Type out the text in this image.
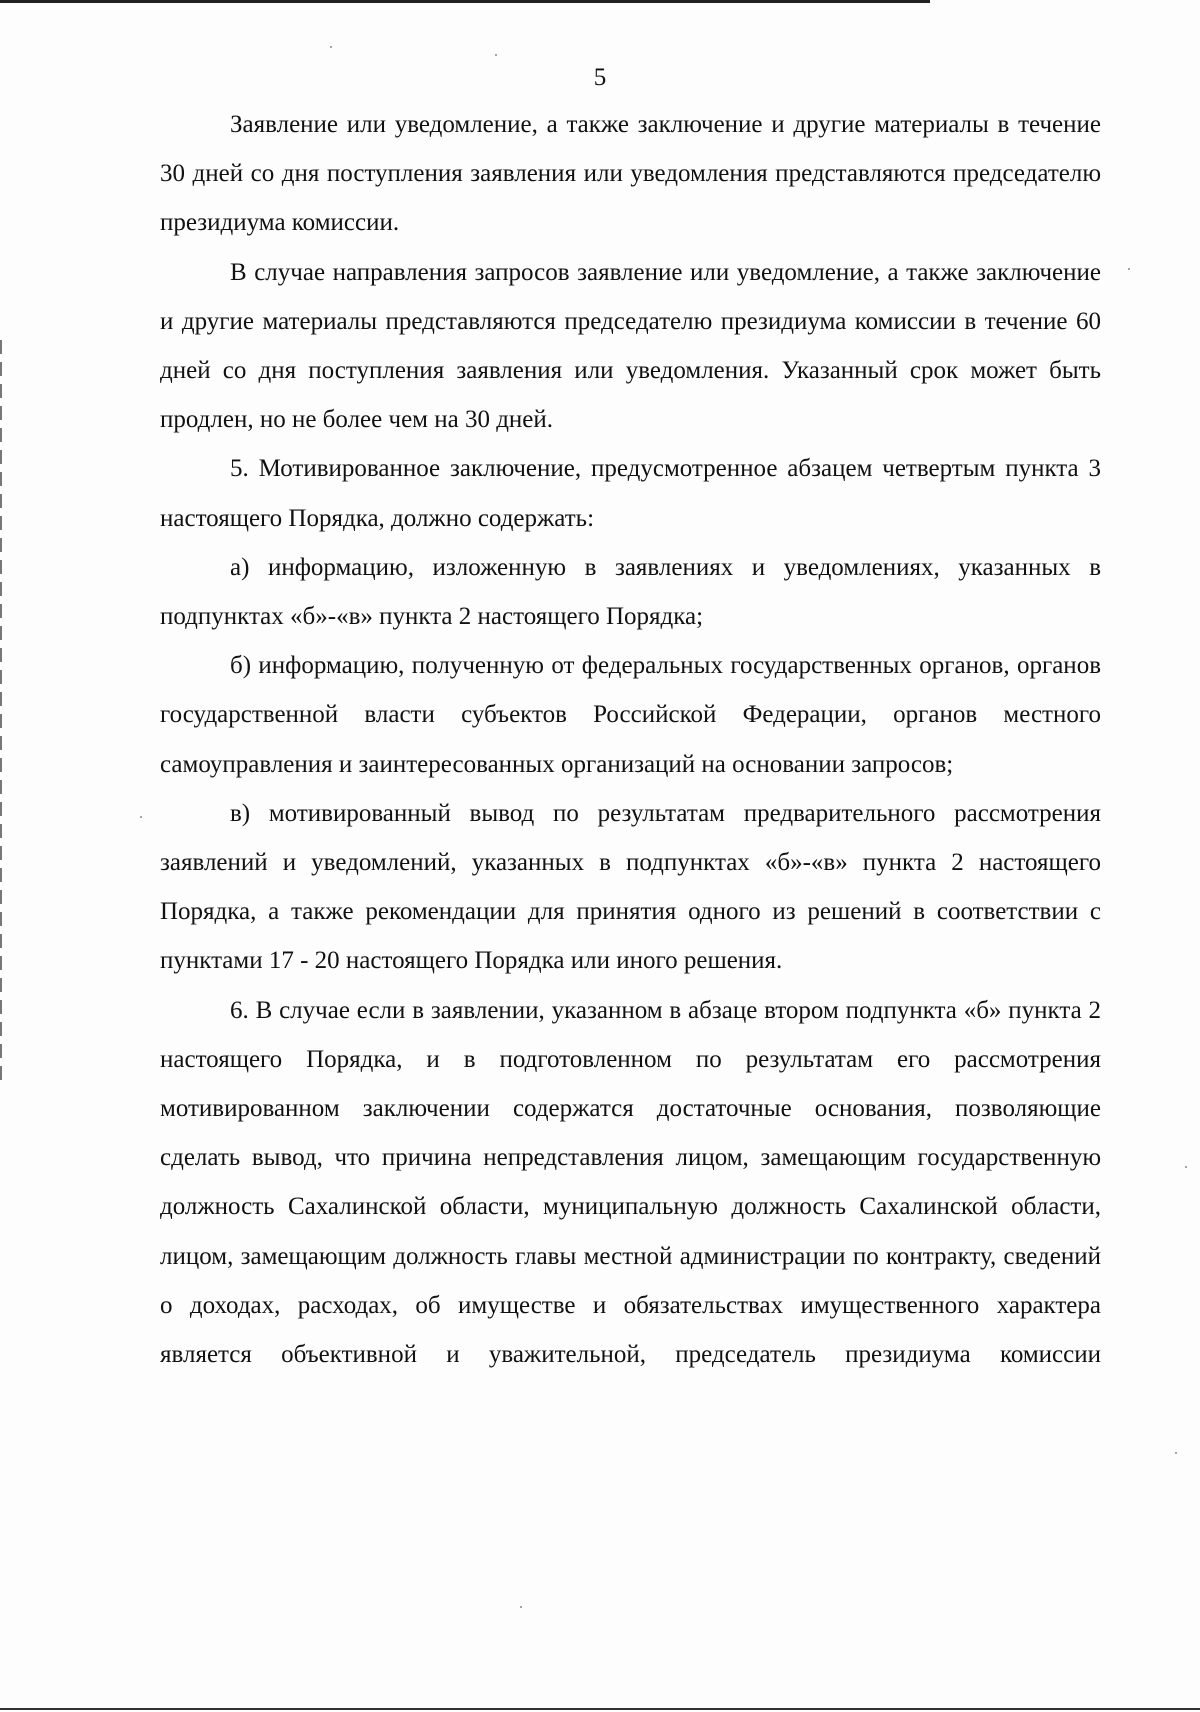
5

Заявление или уведомление, а также заключение и другие материалы в течение 30 дней со дня поступления заявления или уведомления представляются председателю президиума комиссии.

В случае направления запросов заявление или уведомление, а также заключение и другие материалы представляются председателю президиума комиссии в течение 60 дней со дня поступления заявления или уведомления. Указанный срок может быть продлен, но не более чем на 30 дней.

5. Мотивированное заключение, предусмотренное абзацем четвертым пункта 3 настоящего Порядка, должно содержать:

а) информацию, изложенную в заявлениях и уведомлениях, указанных в подпунктах «б»-«в» пункта 2 настоящего Порядка;

б) информацию, полученную от федеральных государственных органов, органов государственной власти субъектов Российской Федерации, органов местного самоуправления и заинтересованных организаций на основании запросов;

в) мотивированный вывод по результатам предварительного рассмотрения заявлений и уведомлений, указанных в подпунктах «б»-«в» пункта 2 настоящего Порядка, а также рекомендации для принятия одного из решений в соответствии с пунктами 17 - 20 настоящего Порядка или иного решения.

6. В случае если в заявлении, указанном в абзаце втором подпункта «б» пункта 2 настоящего Порядка, и в подготовленном по результатам его рассмотрения мотивированном заключении содержатся достаточные основания, позволяющие сделать вывод, что причина непредставления лицом, замещающим государственную должность Сахалинской области, муниципальную должность Сахалинской области, лицом, замещающим должность главы местной администрации по контракту, сведений о доходах, расходах, об имуществе и обязательствах имущественного характера является объективной и уважительной, председатель президиума комиссии
